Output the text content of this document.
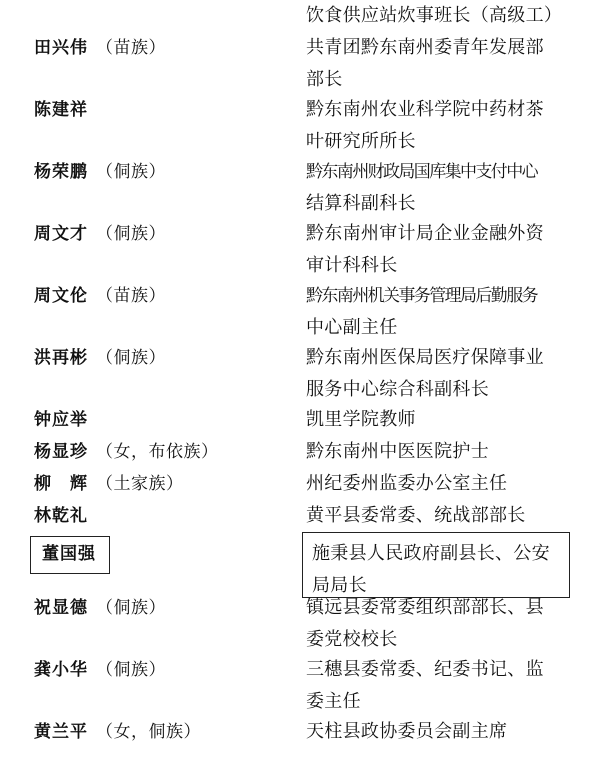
饮食供应站炊事班长（高级工）
田兴伟 （苗族）	共青团黔东南州委青年发展部
部长
陈建祥	黔东南州农业科学院中药材茶
叶研究所所长
杨荣鹏 （侗族）	黔东南州财政局国库集中支付中心
结算科副科长
周文才 （侗族）	黔东南州审计局企业金融外资
审计科科长
周文伦 （苗族）	黔东南州机关事务管理局后勤服务
中心副主任
洪再彬 （侗族）	黔东南州医保局医疗保障事业
服务中心综合科副科长
钟应举	凯里学院教师
杨显珍 （女，布依族）	黔东南州中医医院护士
柳　辉 （土家族）	州纪委州监委办公室主任
林乾礼	黄平县委常委、统战部部长
董国强	施秉县人民政府副县长、公安
局局长
祝显德 （侗族）	镇远县委常委组织部部长、县
委党校校长
龚小华 （侗族）	三穗县委常委、纪委书记、监
委主任
黄兰平 （女，侗族）	天柱县政协委员会副主席
